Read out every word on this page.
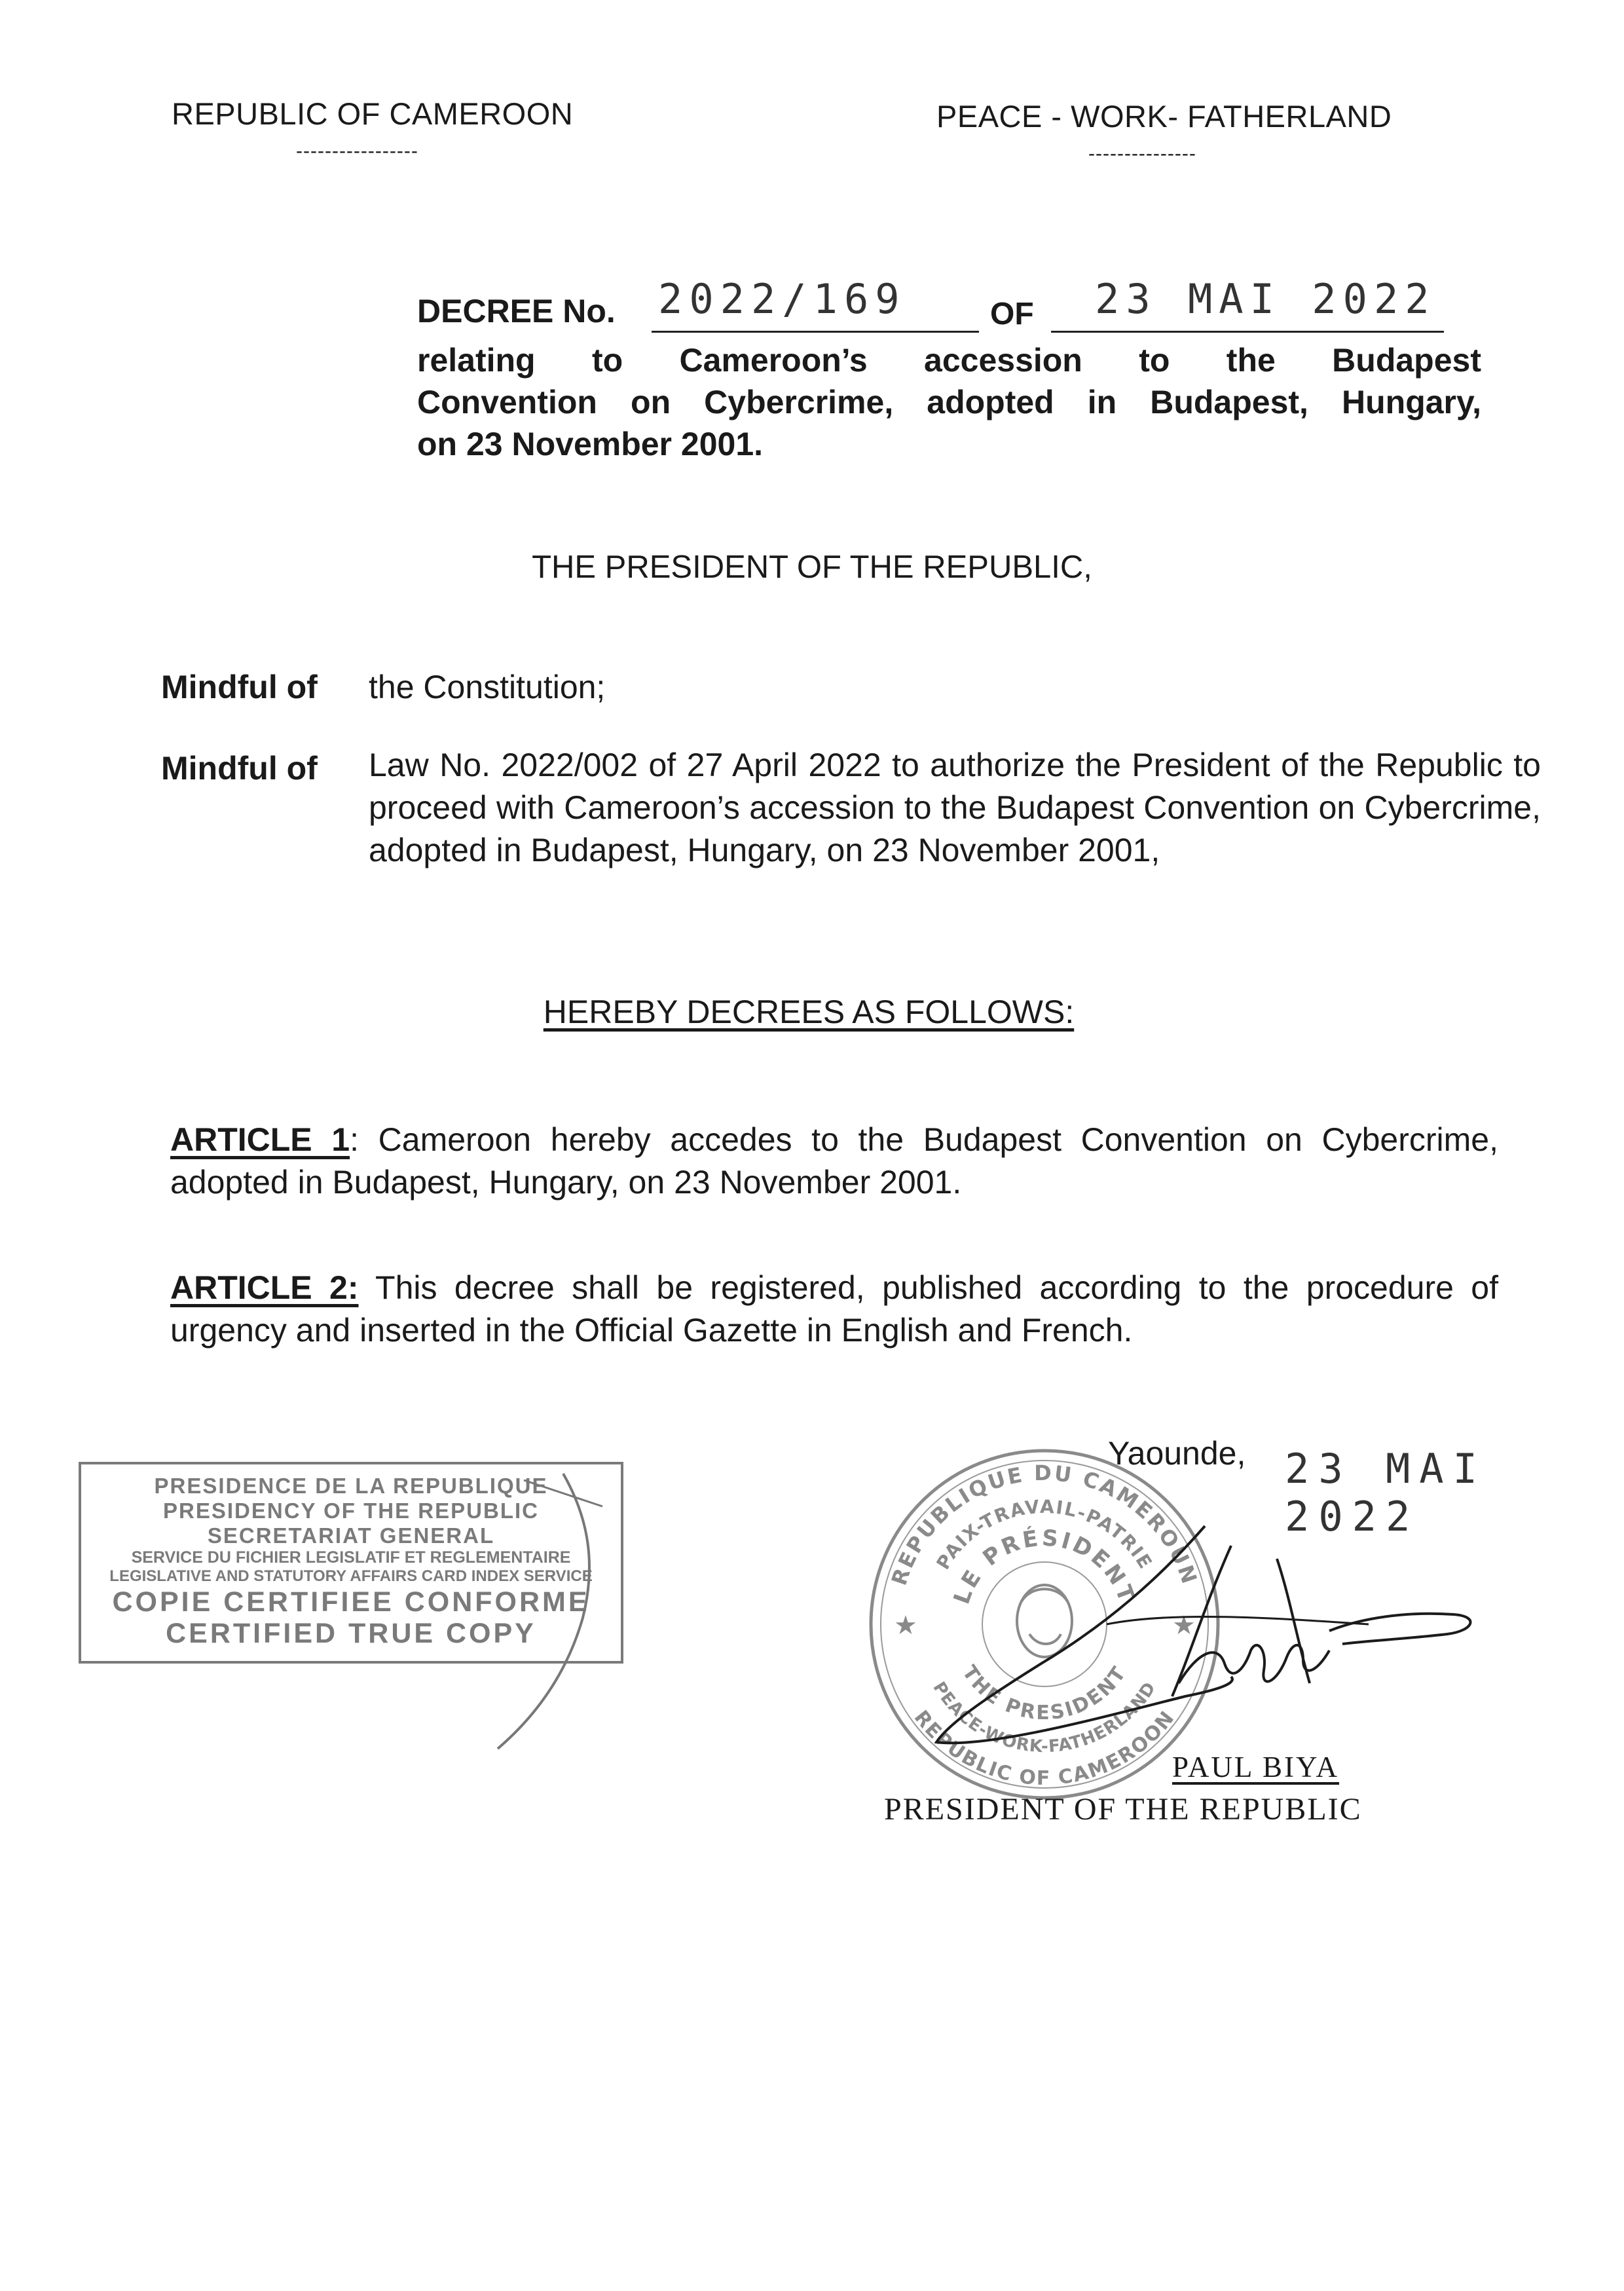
REPUBLIC OF CAMEROON
-----------------
PEACE - WORK- FATHERLAND
---------------
DECREE No. 2022/169	OF 23 MAI 2022
relating to Cameroon’s accession to the Budapest
Convention on Cybercrime, adopted in Budapest, Hungary,
on 23 November 2001.
THE PRESIDENT OF THE REPUBLIC,
Mindful of the Constitution;
Mindful of Law No. 2022/002 of 27 April 2022 to authorize the President of the Republic to proceed with Cameroon’s accession to the Budapest Convention on Cybercrime, adopted in Budapest, Hungary, on 23 November 2001,
HEREBY DECREES AS FOLLOWS:
ARTICLE 1: Cameroon hereby accedes to the Budapest Convention on Cybercrime, adopted in Budapest, Hungary, on 23 November 2001.
ARTICLE 2: This decree shall be registered, published according to the procedure of urgency and inserted in the Official Gazette in English and French.
PRESIDENCE DE LA REPUBLIQUE
PRESIDENCY OF THE REPUBLIC
SECRETARIAT GENERAL
SERVICE DU FICHIER LEGISLATIF ET REGLEMENTAIRE
LEGISLATIVE AND STATUTORY AFFAIRS CARD INDEX SERVICE
COPIE CERTIFIEE CONFORME
CERTIFIED TRUE COPY
REPUBLIQUE DU CAMEROUN
PAIX-TRAVAIL-PATRIE
LE PRÉSIDENT
REPUBLIC OF CAMEROON
PEACE-WORK-FATHERLAND
THE PRESIDENT
★	★
Yaounde, 23 MAI 2022
PAUL BIYA
PRESIDENT OF THE REPUBLIC
